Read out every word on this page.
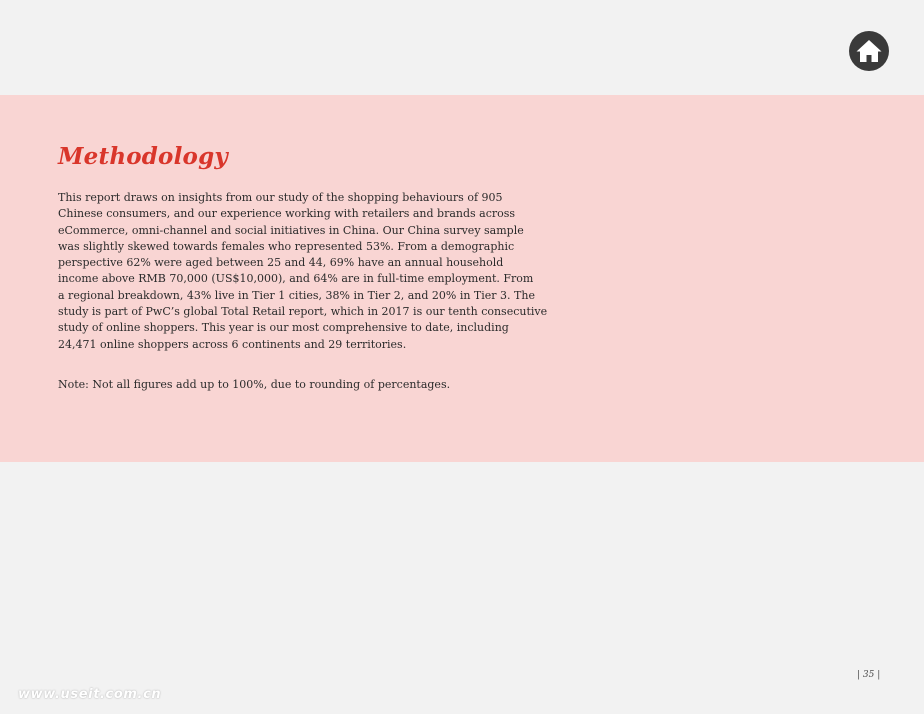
Methodology
This report draws on insights from our study of the shopping behaviours of 905
Chinese consumers, and our experience working with retailers and brands across
eCommerce, omni-channel and social initiatives in China. Our China survey sample
was slightly skewed towards females who represented 53%. From a demographic
perspective 62% were aged between 25 and 44, 69% have an annual household
income above RMB 70,000 (US$10,000), and 64% are in full-time employment. From
a regional breakdown, 43% live in Tier 1 cities, 38% in Tier 2, and 20% in Tier 3. The
study is part of PwC’s global Total Retail report, which in 2017 is our tenth consecutive
study of online shoppers. This year is our most comprehensive to date, including
24,471 online shoppers across 6 continents and 29 territories.

Note: Not all figures add up to 100%, due to rounding of percentages.

| 35 |
www.useit.com.cn
